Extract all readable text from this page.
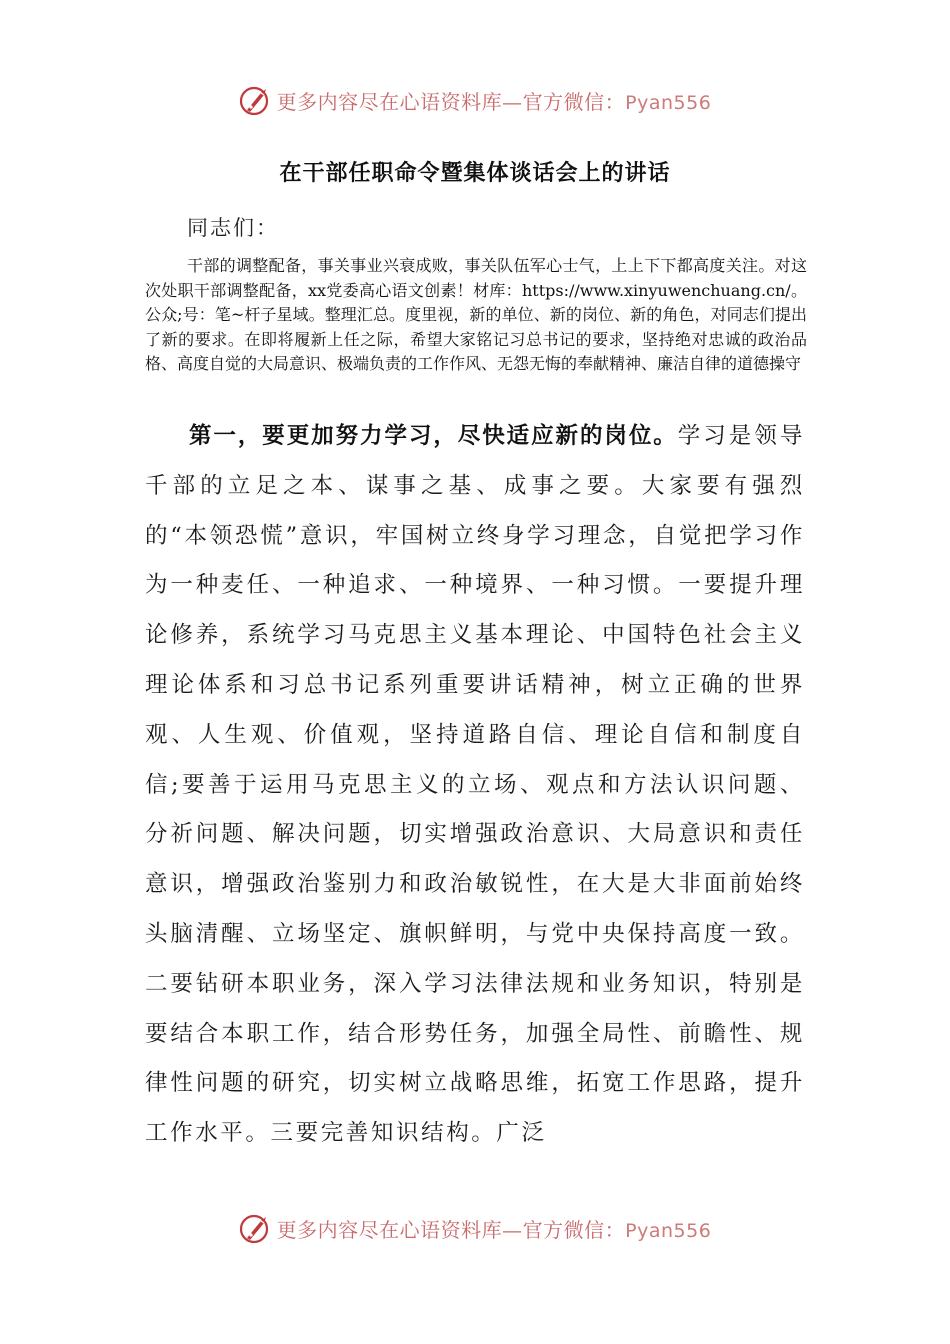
更多内容尽在心语资料库—官方微信：Pyan556
在干部任职命令暨集体谈话会上的讲话
同志们：
干部的调整配备，事关事业兴衰成败，事关队伍军心士气，上上下下都高度关注。对这次处职干部调整配备，xx党委高心语文创素！材库：https://www.xinyuwenchuang.cn/。公众;号：笔~杆子星域。整理汇总。度里视，新的单位、新的岗位、新的角色，对同志们提出了新的要求。在即将履新上任之际，希望大家铭记习总书记的要求，坚持绝对忠诚的政治品格、高度自觉的大局意识、极端负责的工作作风、无怨无悔的奉献精神、廉洁自律的道德操守
第一，要更加努力学习，尽快适应新的岗位。学习是领导千部的立足之本、谋事之基、成事之要。大家要有强烈的“本领恐慌”意识，牢国树立终身学习理念，自觉把学习作为一种麦任、一种追求、一种境界、一种习惯。一要提升理论修养，系统学习马克思主义基本理论、中国特色社会主义理论体系和习总书记系列重要讲话精神，树立正确的世界观、人生观、价值观，坚持道路自信、理论自信和制度自信;要善于运用马克思主义的立场、观点和方法认识问题、分祈问题、解决问题，切实增强政治意识、大局意识和责任意识，增强政治鉴别力和政治敏锐性，在大是大非面前始终头脑清醒、立场坚定、旗帜鲜明，与党中央保持高度一致。二要钻研本职业务，深入学习法律法规和业务知识，特别是要结合本职工作，结合形势任务，加强全局性、前瞻性、规律性问题的研究，切实树立战略思维，拓宽工作思路，提升工作水平。三要完善知识结构。广泛
更多内容尽在心语资料库—官方微信：Pyan556
